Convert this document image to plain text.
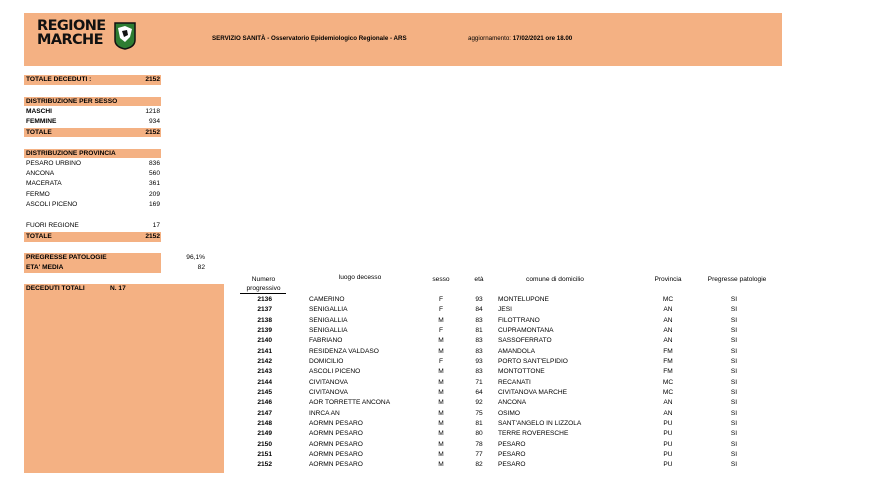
REGIONE
MARCHE	SERVIZIO SANITÀ - Osservatorio Epidemiologico Regionale - ARS	aggiornamento: 17/02/2021 ore 18.00
TOTALE DECEDUTI :	2152
DISTRIBUZIONE PER SESSO
MASCHI	1218
FEMMINE	934
TOTALE	2152
DISTRIBUZIONE PROVINCIA
PESARO URBINO	836
ANCONA	560
MACERATA	361
FERMO	209
ASCOLI PICENO	169
FUORI REGIONE	17
TOTALE	2152
PREGRESSE PATOLOGIE	96,1%
ETA' MEDIA	82
DECEDUTI TOTALI	N. 17
Numero
progressivo
luogo decesso	sesso	età	comune di domicilio	Provincia	Pregresse patologie
2136	CAMERINO	F	93	MONTELUPONE	MC	SI
2137	SENIGALLIA	F	84	JESI	AN	SI
2138	SENIGALLIA	M	83	FILOTTRANO	AN	SI
2139	SENIGALLIA	F	81	CUPRAMONTANA	AN	SI
2140	FABRIANO	M	83	SASSOFERRATO	AN	SI
2141	RESIDENZA VALDASO	M	83	AMANDOLA	FM	SI
2142	DOMICILIO	F	93	PORTO SANT'ELPIDIO	FM	SI
2143	ASCOLI PICENO	M	83	MONTOTTONE	FM	SI
2144	CIVITANOVA	M	71	RECANATI	MC	SI
2145	CIVITANOVA	M	64	CIVITANOVA MARCHE	MC	SI
2146	AOR TORRETTE ANCONA	M	92	ANCONA	AN	SI
2147	INRCA AN	M	75	OSIMO	AN	SI
2148	AORMN PESARO	M	81	SANT'ANGELO IN LIZZOLA	PU	SI
2149	AORMN PESARO	M	80	TERRE ROVERESCHE	PU	SI
2150	AORMN PESARO	M	78	PESARO	PU	SI
2151	AORMN PESARO	M	77	PESARO	PU	SI
2152	AORMN PESARO	M	82	PESARO	PU	SI
